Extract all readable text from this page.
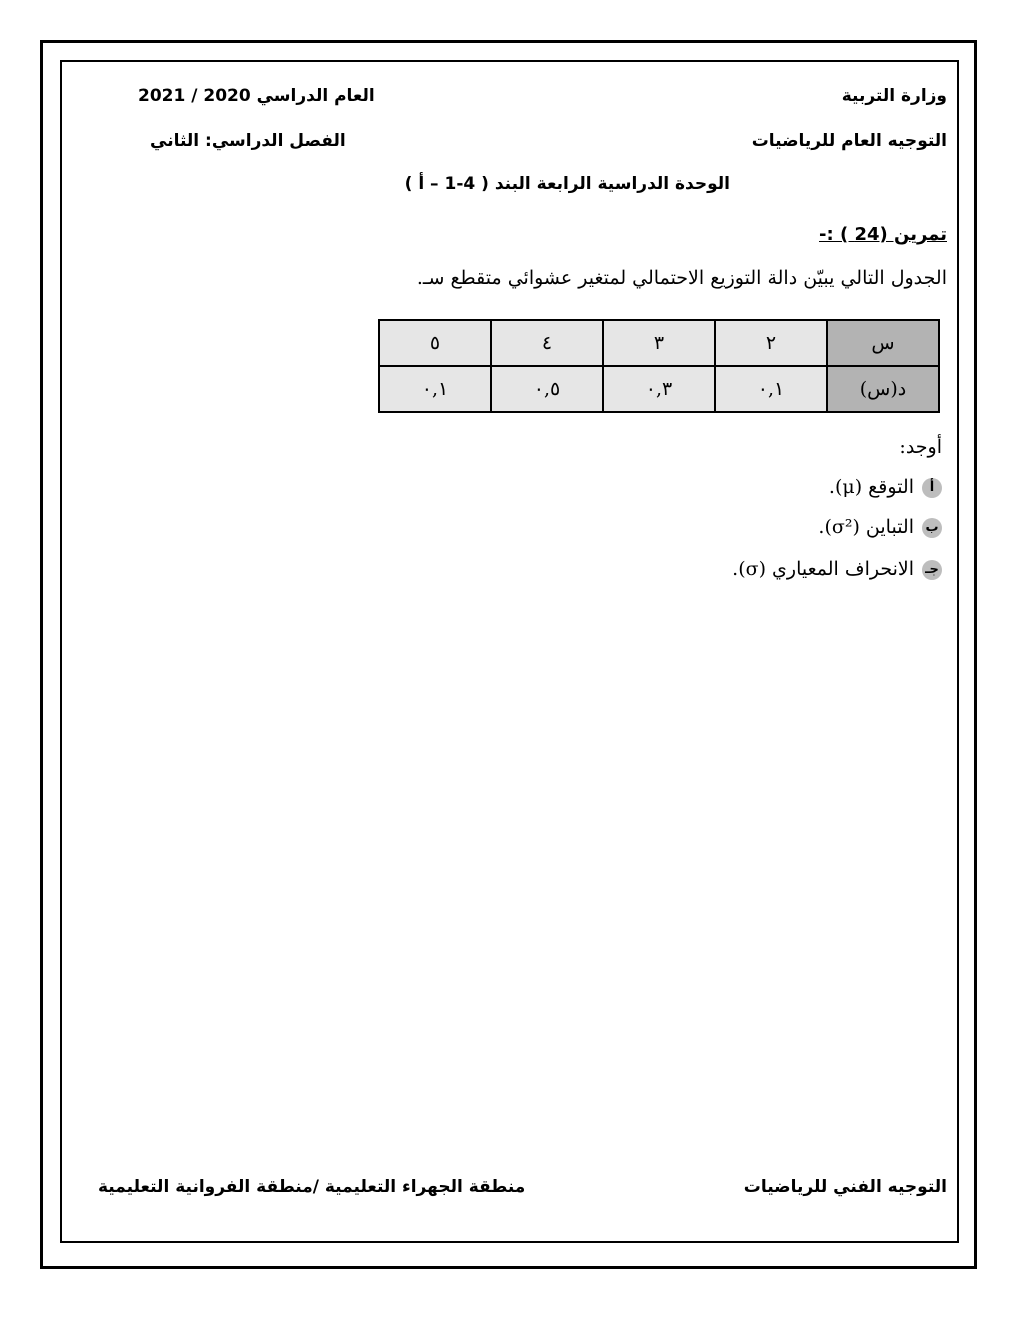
وزارة التربية
العام الدراسي 2021 / 2020
التوجيه العام للرياضيات
الفصل الدراسي: الثاني
الوحدة الدراسية الرابعة البند ( 4-1 – أ )
تمرين (24 ) :-
الجدول التالي يبيّن دالة التوزيع الاحتمالي لمتغير عشوائي متقطع سـ.
س	٢	٣	٤	٥
د(س)	٠,١	٠,٣	٠,٥	٠,١
أوجد:
أالتوقع (μ).
بالتباين (σ²).
جـالانحراف المعياري (σ).
التوجيه الفني للرياضيات
منطقة الجهراء التعليمية /منطقة الفروانية التعليمية
